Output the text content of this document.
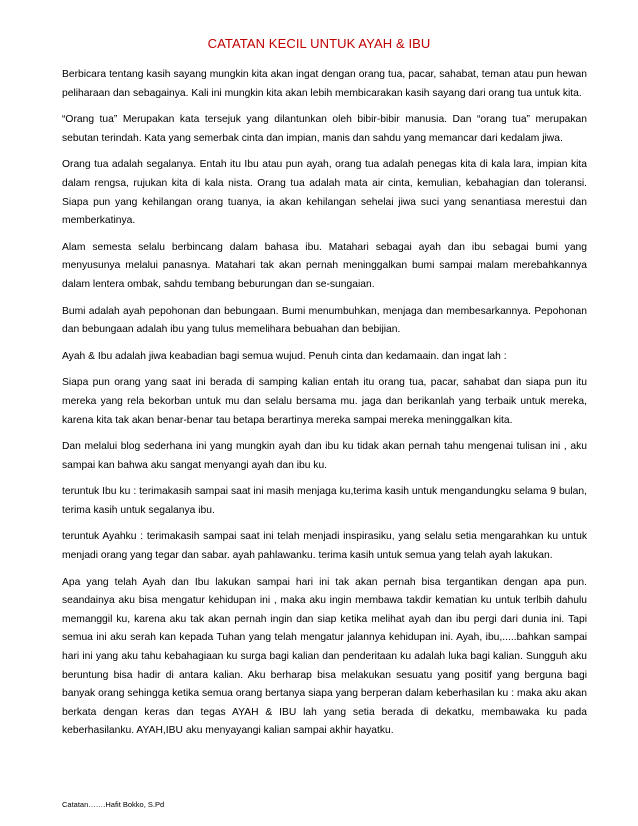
CATATAN KECIL UNTUK AYAH & IBU

Berbicara tentang kasih sayang mungkin kita akan ingat dengan orang tua, pacar, sahabat, teman atau pun hewan peliharaan dan sebagainya. Kali ini mungkin kita akan lebih membicarakan kasih sayang dari orang tua untuk kita.

“Orang tua” Merupakan kata tersejuk yang dilantunkan oleh bibir-bibir manusia. Dan “orang tua” merupakan sebutan terindah. Kata yang semerbak cinta dan impian, manis dan sahdu yang memancar dari kedalam jiwa.

Orang tua adalah segalanya. Entah itu Ibu atau pun ayah, orang tua adalah penegas kita di kala lara, impian kita dalam rengsa, rujukan kita di kala nista. Orang tua adalah mata air cinta, kemulian, kebahagian dan toleransi. Siapa pun yang kehilangan orang tuanya, ia akan kehilangan sehelai jiwa suci yang senantiasa merestui dan memberkatinya.

Alam semesta selalu berbincang dalam bahasa ibu. Matahari sebagai ayah dan ibu sebagai bumi yang menyusunya melalui panasnya. Matahari tak akan pernah meninggalkan bumi sampai malam merebahkannya dalam lentera ombak, sahdu tembang beburungan dan se-sungaian.

Bumi adalah ayah pepohonan dan bebungaan. Bumi menumbuhkan, menjaga dan membesarkannya. Pepohonan dan bebungaan adalah ibu yang tulus memelihara bebuahan dan bebijian.

Ayah & Ibu adalah jiwa keabadian bagi semua wujud. Penuh cinta dan kedamaain. dan ingat lah :

Siapa pun orang yang saat ini berada di samping kalian entah itu orang tua, pacar, sahabat dan siapa pun itu mereka yang rela bekorban untuk mu dan selalu bersama mu. jaga dan berikanlah yang terbaik untuk mereka, karena kita tak akan benar-benar tau betapa berartinya mereka sampai mereka meninggalkan kita.

Dan melalui blog sederhana ini yang mungkin ayah dan ibu ku tidak akan pernah tahu mengenai tulisan ini , aku sampai kan bahwa aku sangat menyangi ayah dan ibu ku.

teruntuk Ibu ku : terimakasih sampai saat ini masih menjaga ku,terima kasih untuk mengandungku selama 9 bulan, terima kasih untuk segalanya ibu.

teruntuk Ayahku : terimakasih sampai saat ini telah menjadi inspirasiku, yang selalu setia mengarahkan ku untuk menjadi orang yang tegar dan sabar. ayah pahlawanku. terima kasih untuk semua yang telah ayah lakukan.

Apa yang telah Ayah dan Ibu lakukan sampai hari ini tak akan pernah bisa tergantikan dengan apa pun. seandainya aku bisa mengatur kehidupan ini , maka aku ingin membawa takdir kematian ku untuk terlbih dahulu memanggil ku, karena aku tak akan pernah ingin dan siap ketika melihat ayah dan ibu pergi dari dunia ini. Tapi semua ini aku serah kan kepada Tuhan yang telah mengatur jalannya kehidupan ini. Ayah, ibu,.....bahkan sampai hari ini yang aku tahu kebahagiaan ku surga bagi kalian dan penderitaan ku adalah luka bagi kalian. Sungguh aku beruntung bisa hadir di antara kalian. Aku berharap bisa melakukan sesuatu yang positif yang berguna bagi banyak orang sehingga ketika semua orang bertanya siapa yang berperan dalam keberhasilan ku : maka aku akan berkata dengan keras dan tegas AYAH & IBU lah yang setia berada di dekatku, membawaka ku pada keberhasilanku. AYAH,IBU aku menyayangi kalian sampai akhir hayatku.

Catatan…….Hafit Bokko, S.Pd
